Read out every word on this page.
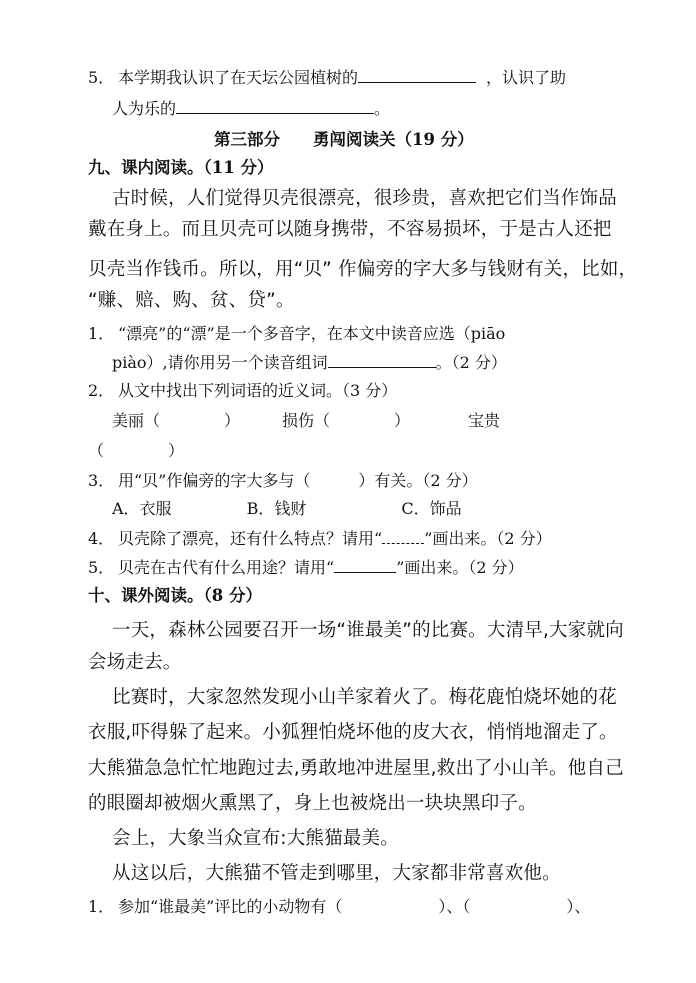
5． 本学期我认识了在天坛公园植树的	，认识了助
人为乐的	。
第三部分　　勇闯阅读关（19 分）
九、课内阅读。（11 分）
古时候，人们觉得贝壳很漂亮，很珍贵，喜欢把它们当作饰品
戴在身上。而且贝壳可以随身携带，不容易损坏，于是古人还把
贝壳当作钱币。所以，用“贝” 作偏旁的字大多与钱财有关，比如，
“赚、赔、购、贫、贷”。
1． “漂亮”的“漂”是一个多音字，在本文中读音应选（piāo
piào）,请你用另一个读音组词	。（2 分）
2． 从文中找出下列词语的近义词。（3 分）
美丽（　　　　）	损伤（　　　　）	宝贵
（　　　　）
3． 用“贝”作偏旁的字大多与（　　　）有关。（2 分）
A．衣服	B．钱财	C．饰品
4． 贝壳除了漂亮，还有什么特点？请用“	”画出来。（2 分）
5． 贝壳在古代有什么用途？请用“	”画出来。（2 分）
十、课外阅读。（8 分）
一天，森林公园要召开一场“谁最美”的比赛。大清早,大家就向
会场走去。
比赛时，大家忽然发现小山羊家着火了。梅花鹿怕烧坏她的花
衣服,吓得躲了起来。小狐狸怕烧坏他的皮大衣，悄悄地溜走了。
大熊猫急急忙忙地跑过去,勇敢地冲进屋里,救出了小山羊。他自己
的眼圈却被烟火熏黑了，身上也被烧出一块块黑印子。
会上，大象当众宣布:大熊猫最美。
从这以后，大熊猫不管走到哪里，大家都非常喜欢他。
1． 参加“谁最美”评比的小动物有（	）、（	）、
